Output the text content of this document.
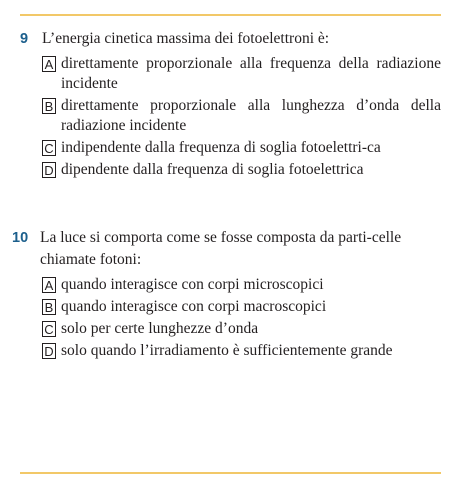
9 L’energia cinetica massima dei fotoelettroni è:
A direttamente proporzionale alla frequenza della radiazione incidente
B direttamente proporzionale alla lunghezza d’onda della radiazione incidente
C indipendente dalla frequenza di soglia fotoelettri-ca
D dipendente dalla frequenza di soglia fotoelettrica
10 La luce si comporta come se fosse composta da parti-celle chiamate fotoni:
A quando interagisce con corpi microscopici
B quando interagisce con corpi macroscopici
C solo per certe lunghezze d’onda
D solo quando l’irradiamento è sufficientemente grande
